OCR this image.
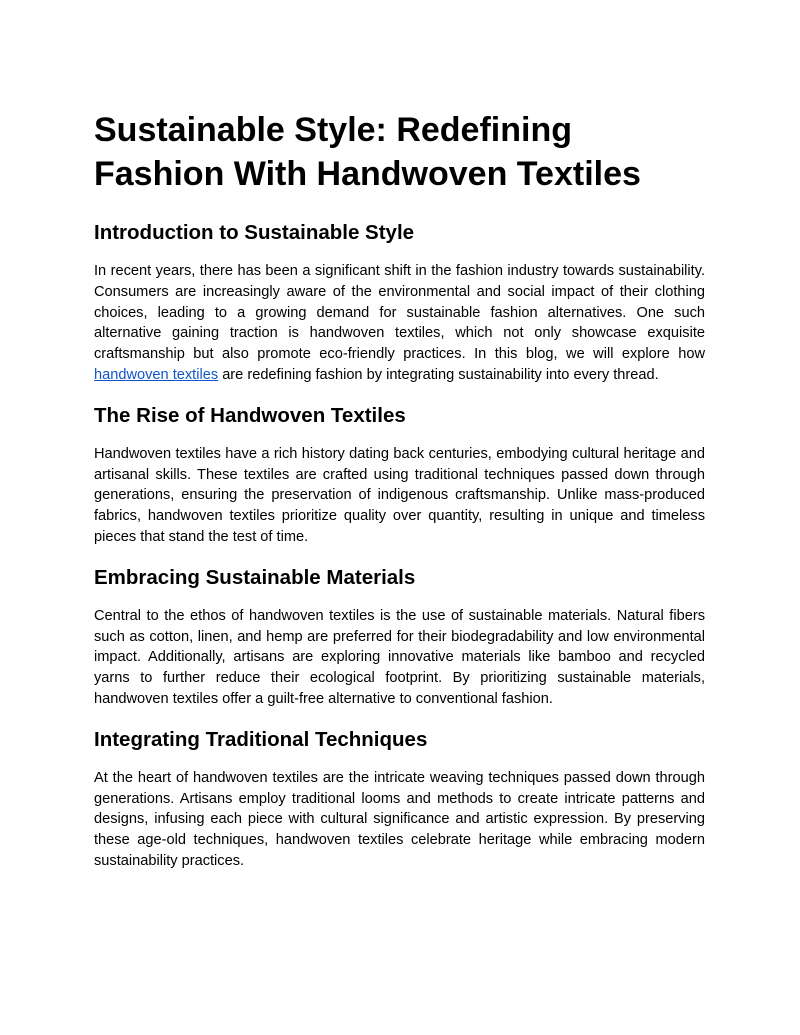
Sustainable Style: Redefining
Fashion With Handwoven Textiles
Introduction to Sustainable Style

In recent years, there has been a significant shift in the fashion industry towards sustainability. Consumers are increasingly aware of the environmental and social impact of their clothing choices, leading to a growing demand for sustainable fashion alternatives. One such alternative gaining traction is handwoven textiles, which not only showcase exquisite craftsmanship but also promote eco-friendly practices. In this blog, we will explore how handwoven textiles are redefining fashion by integrating sustainability into every thread.

The Rise of Handwoven Textiles

Handwoven textiles have a rich history dating back centuries, embodying cultural heritage and artisanal skills. These textiles are crafted using traditional techniques passed down through generations, ensuring the preservation of indigenous craftsmanship. Unlike mass-produced fabrics, handwoven textiles prioritize quality over quantity, resulting in unique and timeless pieces that stand the test of time.

Embracing Sustainable Materials

Central to the ethos of handwoven textiles is the use of sustainable materials. Natural fibers such as cotton, linen, and hemp are preferred for their biodegradability and low environmental impact. Additionally, artisans are exploring innovative materials like bamboo and recycled yarns to further reduce their ecological footprint. By prioritizing sustainable materials, handwoven textiles offer a guilt-free alternative to conventional fashion.

Integrating Traditional Techniques

At the heart of handwoven textiles are the intricate weaving techniques passed down through generations. Artisans employ traditional looms and methods to create intricate patterns and designs, infusing each piece with cultural significance and artistic expression. By preserving these age-old techniques, handwoven textiles celebrate heritage while embracing modern sustainability practices.
